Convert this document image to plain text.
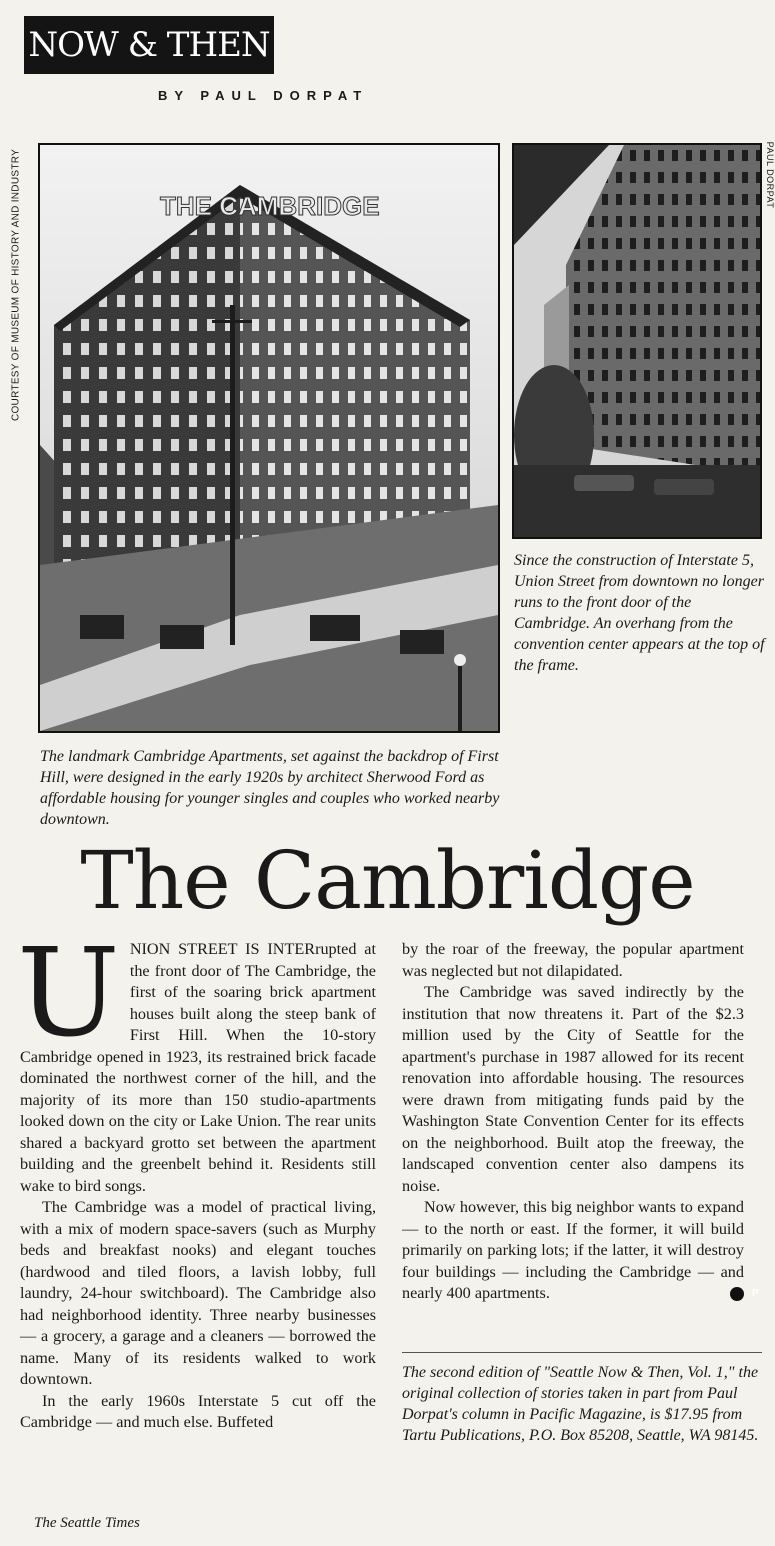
NOW & THEN
BY PAUL DORPAT
COURTESY OF MUSEUM OF HISTORY AND INDUSTRY	PAUL DORPAT
THE CAMBRIDGE
Since the construction of Interstate 5, Union Street from downtown no longer runs to the front door of the Cambridge. An overhang from the convention center appears at the top of the frame.
The landmark Cambridge Apartments, set against the backdrop of First Hill, were designed in the early 1920s by architect Sherwood Ford as affordable housing for younger singles and couples who worked nearby downtown.
The Cambridge

UNION STREET IS INTERrupted at the front door of The Cambridge, the first of the soaring brick apartment houses built along the steep bank of First Hill. When the 10-story Cambridge opened in 1923, its restrained brick facade dominated the northwest corner of the hill, and the majority of its more than 150 studio-apartments looked down on the city or Lake Union. The rear units shared a backyard grotto set between the apartment building and the greenbelt behind it. Residents still wake to bird songs.

The Cambridge was a model of practical living, with a mix of modern space-savers (such as Murphy beds and breakfast nooks) and elegant touches (hardwood and tiled floors, a lavish lobby, full laundry, 24-hour switchboard). The Cambridge also had neighborhood identity. Three nearby businesses — a grocery, a garage and a cleaners — borrowed the name. Many of its residents walked to work downtown.

In the early 1960s Interstate 5 cut off the Cambridge — and much else. Buffeted

by the roar of the freeway, the popular apartment was neglected but not dilapidated.

The Cambridge was saved indirectly by the institution that now threatens it. Part of the $2.3 million used by the City of Seattle for the apartment's purchase in 1987 allowed for its recent renovation into affordable housing. The resources were drawn from mitigating funds paid by the Washington State Convention Center for its effects on the neighborhood. Built atop the freeway, the landscaped convention center also dampens its noise.

Now however, this big neighbor wants to expand — to the north or east. If the former, it will build primarily on parking lots; if the latter, it will destroy four buildings — including the Cambridge — and nearly 400 apartments.	P

The second edition of "Seattle Now & Then, Vol. 1," the original collection of stories taken in part from Paul Dorpat's column in Pacific Magazine, is $17.95 from Tartu Publications, P.O. Box 85208, Seattle, WA 98145.
The Seattle Times
